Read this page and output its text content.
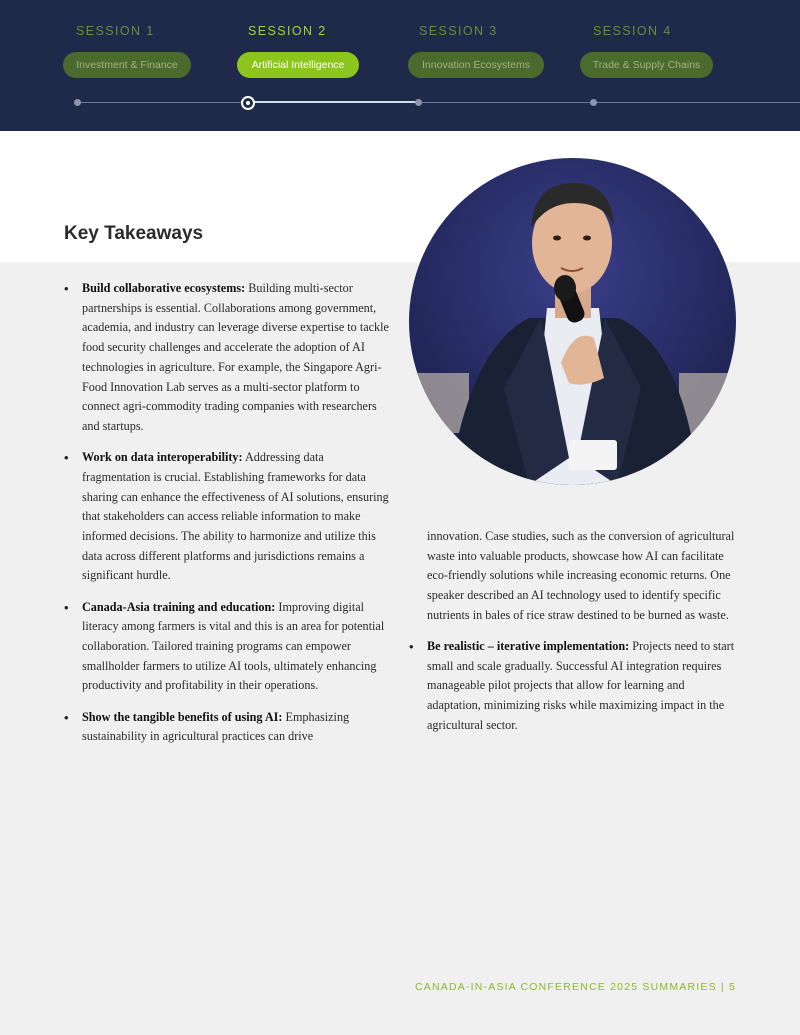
SESSION 1	SESSION 2	SESSION 3	SESSION 4
Investment & Finance	Artificial Intelligence	Innovation Ecosystems	Trade & Supply Chains
Key Takeaways

• Build collaborative ecosystems: Building multi-sector partnerships is essential. Collaborations among government, academia, and industry can leverage diverse expertise to tackle food security challenges and accelerate the adoption of AI technologies in agriculture. For example, the Singapore Agri-Food Innovation Lab serves as a multi-sector platform to connect agri-commodity trading companies with researchers and startups.

• Work on data interoperability: Addressing data fragmentation is crucial. Establishing frameworks for data sharing can enhance the effectiveness of AI solutions, ensuring that stakeholders can access reliable information to make informed decisions. The ability to harmonize and utilize this data across different platforms and jurisdictions remains a significant hurdle.

• Canada-Asia training and education: Improving digital literacy among farmers is vital and this is an area for potential collaboration. Tailored training programs can empower smallholder farmers to utilize AI tools, ultimately enhancing productivity and profitability in their operations.

• Show the tangible benefits of using AI: Emphasizing sustainability in agricultural practices can drive

innovation. Case studies, such as the conversion of agricultural waste into valuable products, showcase how AI can facilitate eco-friendly solutions while increasing economic returns. One speaker described an AI technology used to identify specific nutrients in bales of rice straw destined to be burned as waste.

• Be realistic – iterative implementation: Projects need to start small and scale gradually. Successful AI integration requires manageable pilot projects that allow for learning and adaptation, minimizing risks while maximizing impact in the agricultural sector.

CANADA-IN-ASIA CONFERENCE 2025 SUMMARIES | 5
